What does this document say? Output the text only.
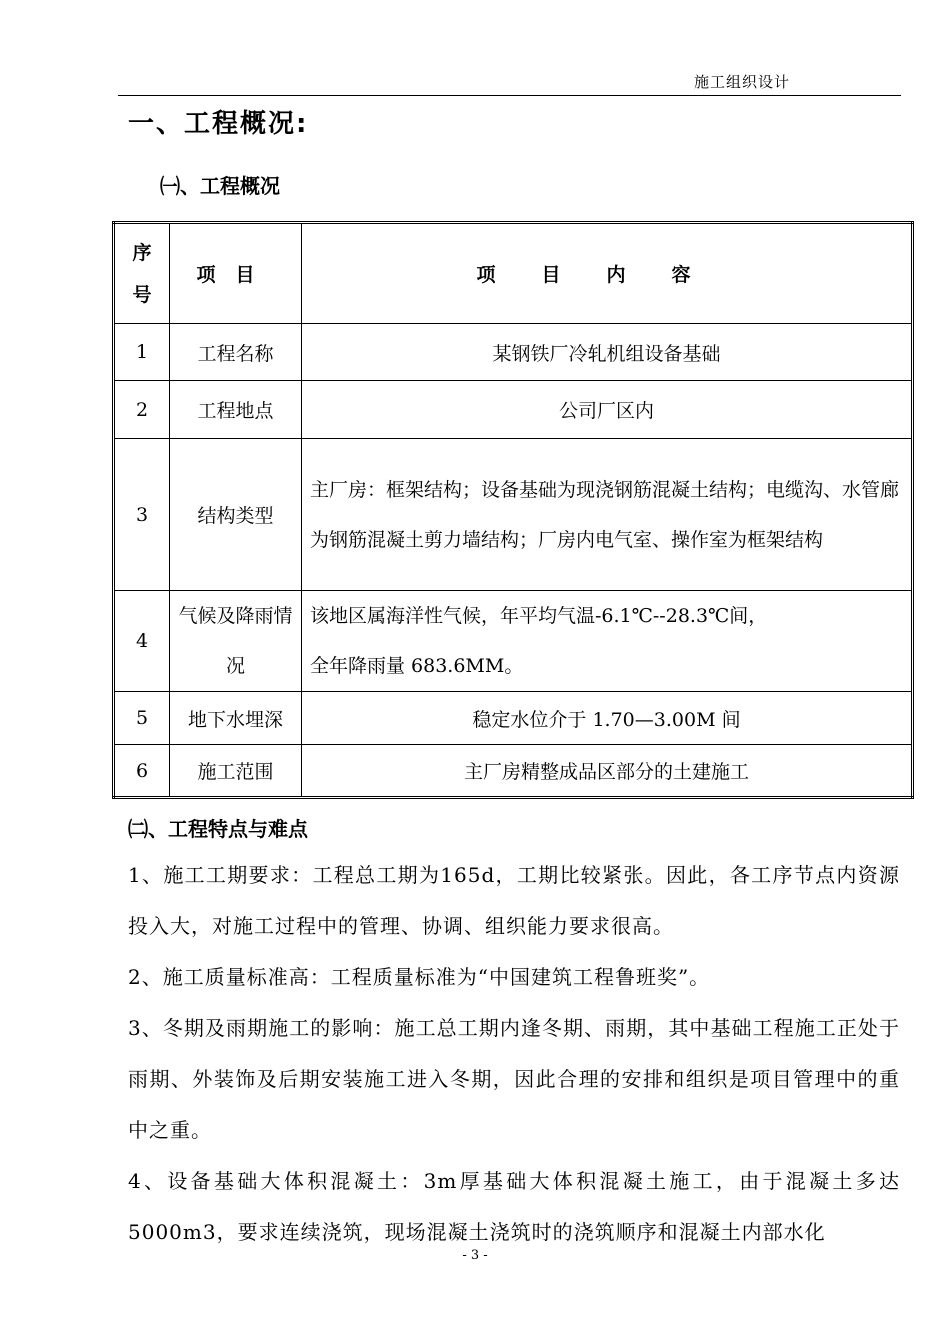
施工组织设计
一、工程概况:
㈠、工程概况
序
号	项目	项目内容
1	工程名称	某钢铁厂冷轧机组设备基础
2	工程地点	公司厂区内
3	结构类型	主厂房：框架结构；设备基础为现浇钢筋混凝土结构；电缆沟、水管廊为钢筋混凝土剪力墙结构；厂房内电气室、操作室为框架结构
4	气候及降雨情况	该地区属海洋性气候，年平均气温-6.1℃--28.3℃间，
全年降雨量 683.6MM。

5	地下水埋深	稳定水位介于 1.70—3.00M 间
6	施工范围	主厂房精整成品区部分的土建施工
㈡、工程特点与难点
1、施工工期要求：工程总工期为165d，工期比较紧张。因此，各工序节点内资源投入大，对施工过程中的管理、协调、组织能力要求很高。
2、施工质量标准高：工程质量标准为“中国建筑工程鲁班奖”。
3、冬期及雨期施工的影响：施工总工期内逢冬期、雨期，其中基础工程施工正处于雨期、外装饰及后期安装施工进入冬期，因此合理的安排和组织是项目管理中的重中之重。
4、设备基础大体积混凝土：3m厚基础大体积混凝土施工，由于混凝土多达5000m3，要求连续浇筑，现场混凝土浇筑时的浇筑顺序和混凝土内部水化
- 3 -
